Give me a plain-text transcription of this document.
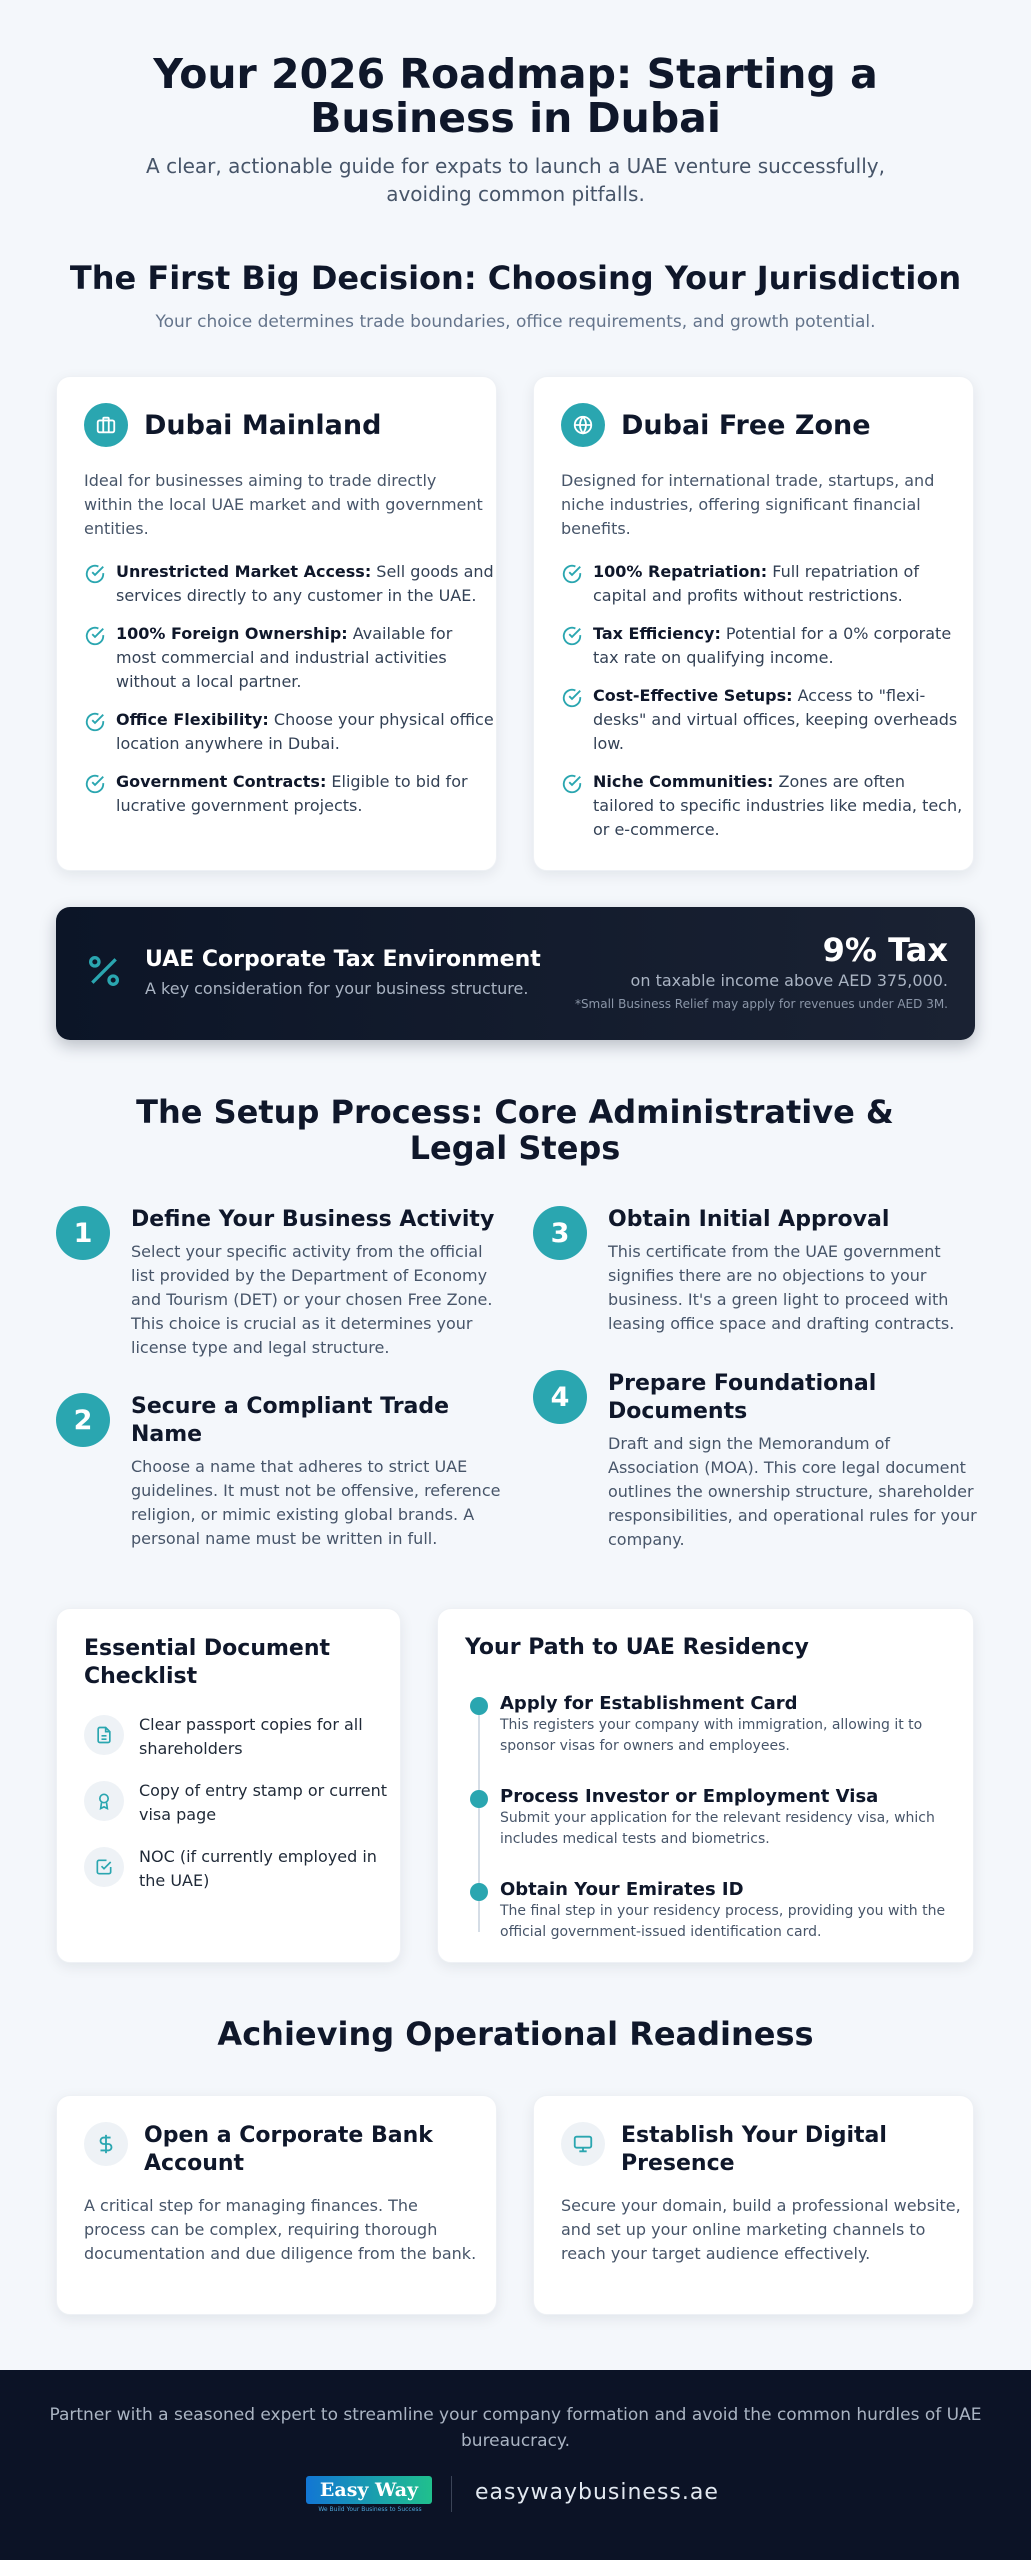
Your 2026 Roadmap: Starting a Business in Dubai

A clear, actionable guide for expats to launch a UAE venture successfully, avoiding common pitfalls.

The First Big Decision: Choosing Your Jurisdiction
Your choice determines trade boundaries, office requirements, and growth potential.
Dubai Mainland
Ideal for businesses aiming to trade directly within the local UAE market and with government entities.
Unrestricted Market Access: Sell goods and services directly to any customer in the UAE.
100% Foreign Ownership: Available for most commercial and industrial activities without a local partner.
Office Flexibility: Choose your physical office location anywhere in Dubai.
Government Contracts: Eligible to bid for lucrative government projects.
Dubai Free Zone
Designed for international trade, startups, and niche industries, offering significant financial benefits.
100% Repatriation: Full repatriation of capital and profits without restrictions.
Tax Efficiency: Potential for a 0% corporate tax rate on qualifying income.
Cost-Effective Setups: Access to "flexi-desks" and virtual offices, keeping overheads low.
Niche Communities: Zones are often tailored to specific industries like media, tech, or e-commerce.
UAE Corporate Tax Environment
A key consideration for your business structure.
9% Tax
on taxable income above AED 375,000.
*Small Business Relief may apply for revenues under AED 3M.
The Setup Process: Core Administrative & Legal Steps
1	Define Your Business Activity

Select your specific activity from the official list provided by the Department of Economy and Tourism (DET) or your chosen Free Zone. This choice is crucial as it determines your license type and legal structure.

2	Secure a Compliant Trade Name

Choose a name that adheres to strict UAE guidelines. It must not be offensive, reference religion, or mimic existing global brands. A personal name must be written in full.

3	Obtain Initial Approval

This certificate from the UAE government signifies there are no objections to your business. It's a green light to proceed with leasing office space and drafting contracts.

4	Prepare Foundational Documents

Draft and sign the Memorandum of Association (MOA). This core legal document outlines the ownership structure, shareholder responsibilities, and operational rules for your company.

Essential Document Checklist
Clear passport copies for all shareholders
Copy of entry stamp or current visa page
NOC (if currently employed in the UAE)
Your Path to UAE Residency
Apply for Establishment Card

This registers your company with immigration, allowing it to sponsor visas for owners and employees.

Process Investor or Employment Visa

Submit your application for the relevant residency visa, which includes medical tests and biometrics.

Obtain Your Emirates ID

The final step in your residency process, providing you with the official government-issued identification card.

Achieving Operational Readiness
Open a Corporate Bank Account
A critical step for managing finances. The process can be complex, requiring thorough documentation and due diligence from the bank.
Establish Your Digital Presence
Secure your domain, build a professional website, and set up your online marketing channels to reach your target audience effectively.

Partner with a seasoned expert to streamline your company formation and avoid the common hurdles of UAE bureaucracy.

Easy Way
We Build Your Business to Success
easywaybusiness.ae
